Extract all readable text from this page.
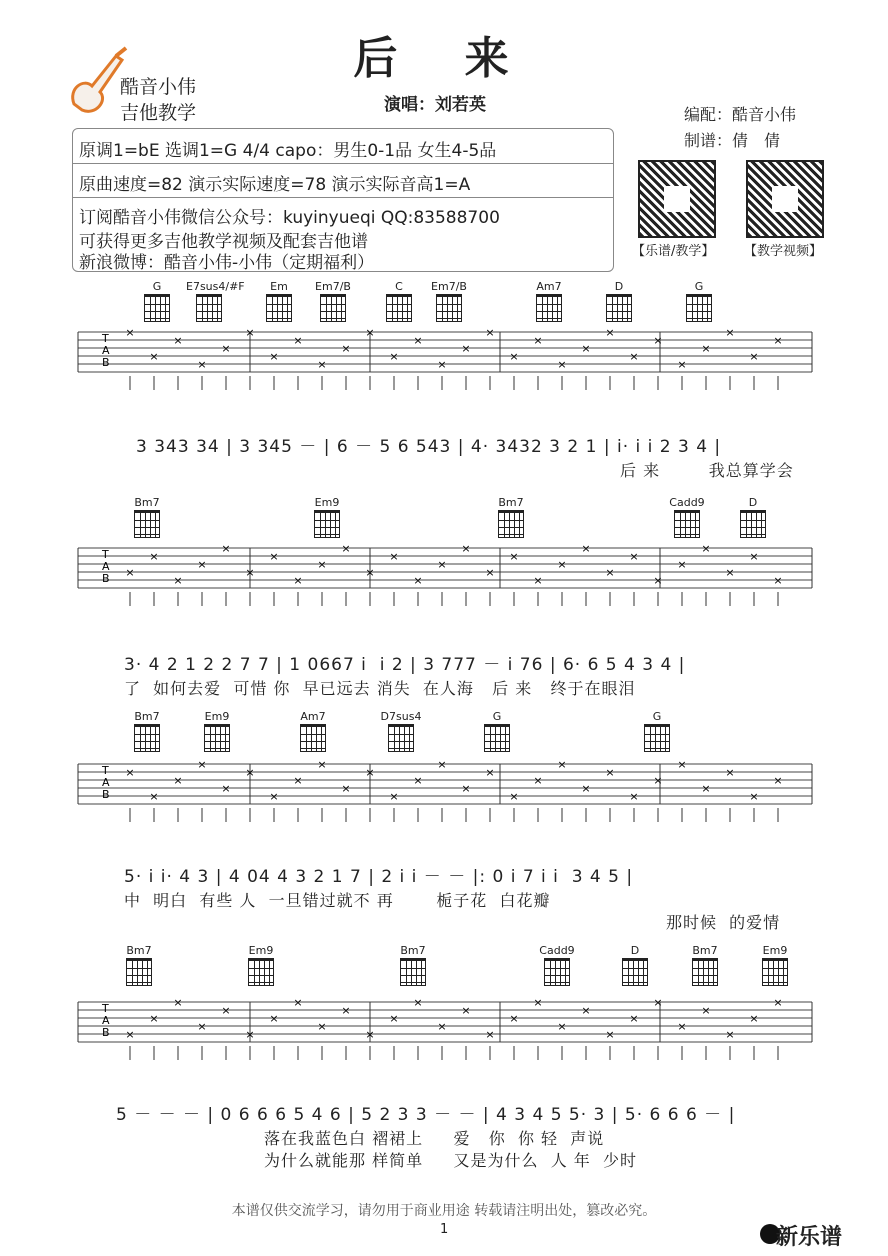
后 来
演唱：刘若英
酷音小伟
吉他教学
原调1=bE 选调1=G 4/4 capo：男生0-1品 女生4-5品
原曲速度=82 演示实际速度=78 演示实际音高1=A
订阅酷音小伟微信公众号：kuyinyueqi QQ:83588700
可获得更多吉他教学视频及配套吉他谱
新浪微博：酷音小伟-小伟（定期福利）
编配：酷音小伟
制谱：倩　倩
【乐谱/教学】 【教学视频】
G	E7sus4/#F	Em	Em7/B	C	Em7/B	Am7	D	G
T
A
B
×
×
×
×
×
×
×
×
×
×
×
×
×
×
×
×
×
×
×
×
×
×
×
×
×
×
×
×
3 343 34 | 3 345 － | 6 － 5 6 543 | 4· 3432 3 2 1 | i· i i 2 3 4 |
后 来        我总算学会
Bm7	Em9	Bm7	Cadd9	D
T
A
B ×
×
×
×
×
×
×
×
×
×
×
×
×
×
×
×
×
×
×
×
×
×
×
×
×
×
×
×
3· 4 2 1 2 2 7 7 | 1 0667 i  i 2 | 3 777 － i 76 | 6· 6 5 4 3 4 |
了  如何去爱  可惜 你  早已远去 消失  在人海   后 来   终于在眼泪
Bm7	Em9	Am7	D7sus4	G	G
T
A
B
×
×
×
×
×
×
×
×
×
×
×
×
×
×
×
×
×
×
×
×
×
×
×
×
×
×
×
×
5· i i· 4 3 | 4 04 4 3 2 1 7 | 2 i i － － |: 0 i 7 i i  3 4 5 |
中  明白  有些 人  一旦错过就不 再       栀子花  白花瓣
那时候  的爱情
Bm7	Em9	Bm7	Cadd9	D	Bm7	Em9
T
A
B ×
×
×
×
×
×
×
×
×
×
×
×
×
×
×
×
×
×
×
×
×
×
×
×
×
×
×
×
5 － － － | 0 6 6 6 5 4 6 | 5 2 3 3 － － | 4 3 4 5 5· 3 | 5· 6 6 6 － |
落在我蓝色白 褶裙上     爱   你  你 轻  声说
为什么就能那 样简单     又是为什么  人 年  少时
本谱仅供交流学习，请勿用于商业用途 转载请注明出处，篡改必究。
1	新乐谱
